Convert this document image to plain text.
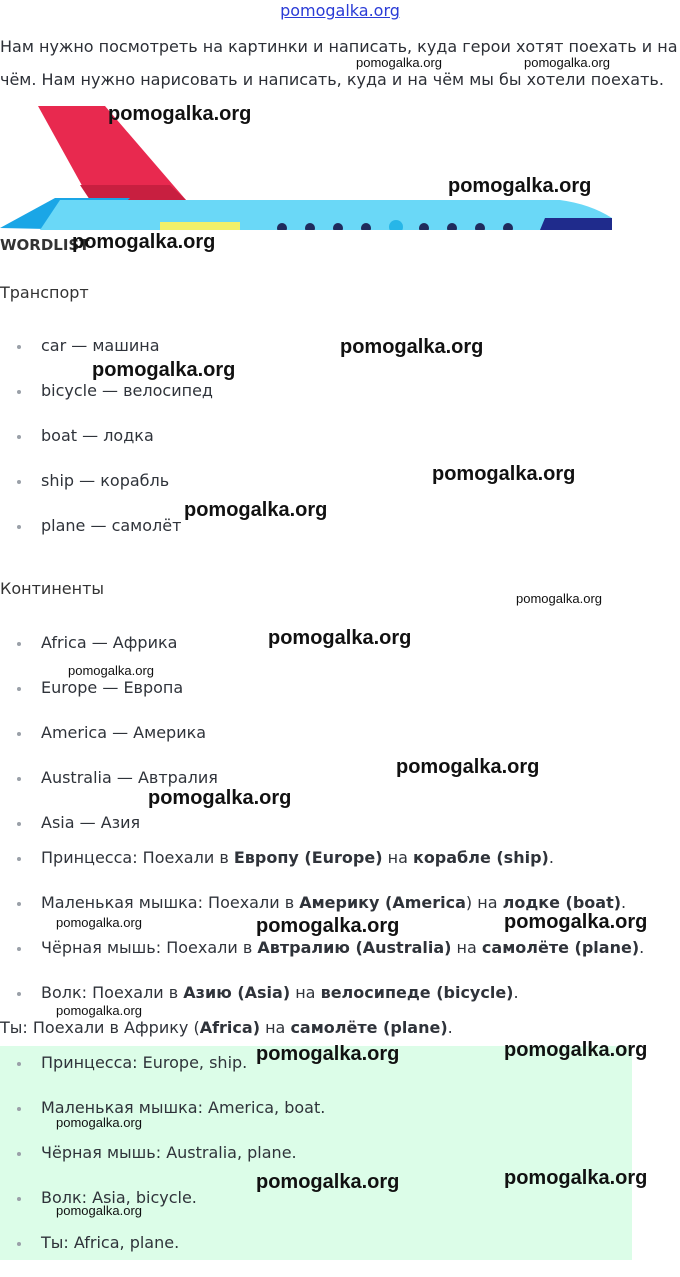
pomogalka.org
Нам нужно посмотреть на картинки и написать, куда герои хотят поехать и на чём. Нам нужно нарисовать и написать, куда и на чём мы бы хотели поехать.
WORDLIST
Транспорт
car — машина
bicycle — велосипед
boat — лодка
ship — корабль
plane — самолёт
Континенты
Africa — Африка
Europe — Европа
America — Америка
Australia — Автралия
Asia — Азия
Принцесса: Поехали в Европу (Europe) на корабле (ship).
Маленькая мышка: Поехали в Америку (America) на лодке (boat).
Чёрная мышь: Поехали в Автралию (Australia) на самолёте (plane).
Волк: Поехали в Азию (Asia) на велосипеде (bicycle).
Ты: Поехали в Африку (Africa) на самолёте (plane).
Принцесса: Europe, ship.
Маленькая мышка: America, boat.
Чёрная мышь: Australia, plane.
Волк: Asia, bicycle.
Ты: Africa, plane.
pomogalka.org	pomogalka.org
pomogalka.org
pomogalka.org
pomogalka.org
pomogalka.org
pomogalka.org
pomogalka.org
pomogalka.org
pomogalka.org
pomogalka.org
pomogalka.org
pomogalka.org
pomogalka.org
pomogalka.org	pomogalka.org	pomogalka.org
pomogalka.org
pomogalka.org	pomogalka.org
pomogalka.org
pomogalka.org	pomogalka.org
pomogalka.org
